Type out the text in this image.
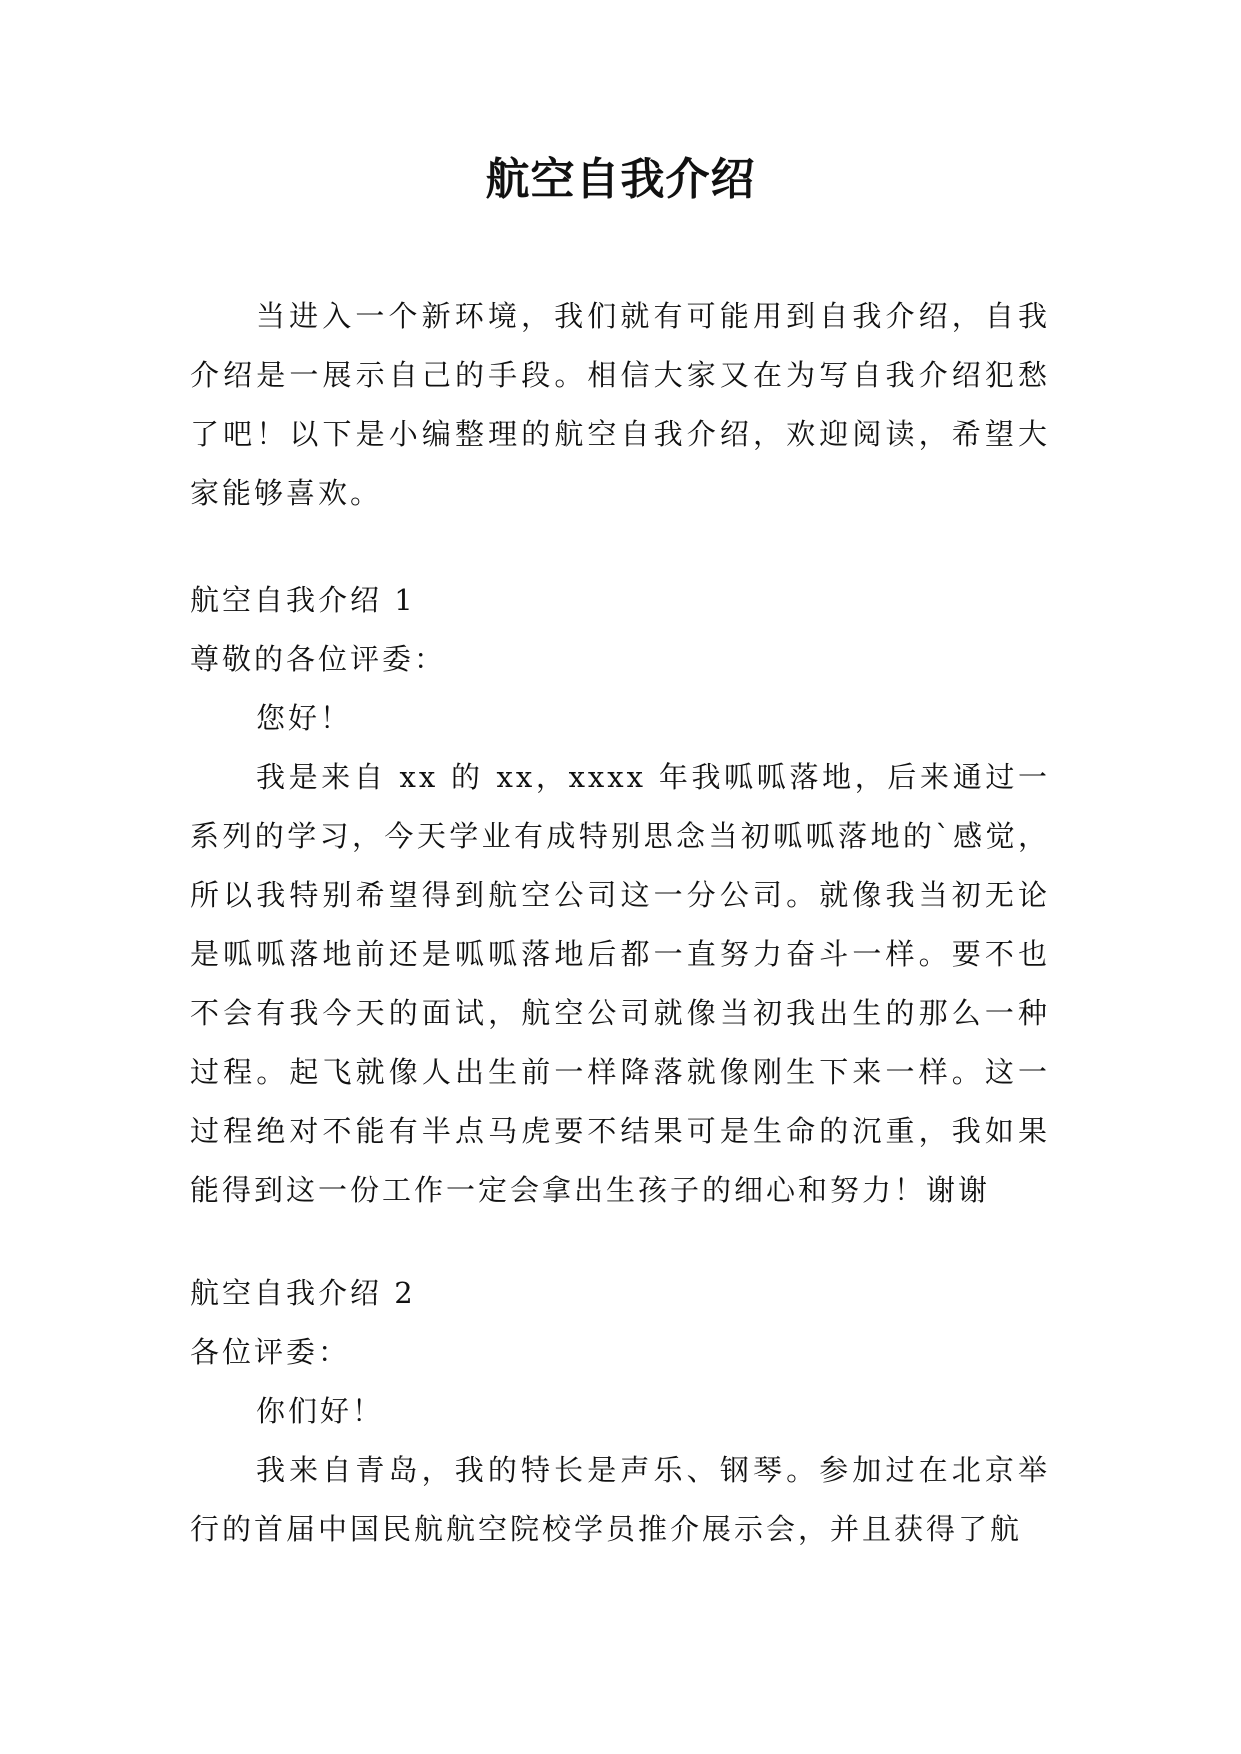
航空自我介绍

当进入一个新环境，我们就有可能用到自我介绍，自我介绍是一展示自己的手段。相信大家又在为写自我介绍犯愁了吧！以下是小编整理的航空自我介绍，欢迎阅读，希望大家能够喜欢。

航空自我介绍 1

尊敬的各位评委：

您好！

我是来自 xx 的 xx，xxxx 年我呱呱落地，后来通过一系列的学习，今天学业有成特别思念当初呱呱落地的`感觉，所以我特别希望得到航空公司这一分公司。就像我当初无论是呱呱落地前还是呱呱落地后都一直努力奋斗一样。要不也不会有我今天的面试，航空公司就像当初我出生的那么一种过程。起飞就像人出生前一样降落就像刚生下来一样。这一过程绝对不能有半点马虎要不结果可是生命的沉重，我如果能得到这一份工作一定会拿出生孩子的细心和努力！谢谢

航空自我介绍 2

各位评委：

你们好！

我来自青岛，我的特长是声乐、钢琴。参加过在北京举行的首届中国民航航空院校学员推介展示会，并且获得了航
